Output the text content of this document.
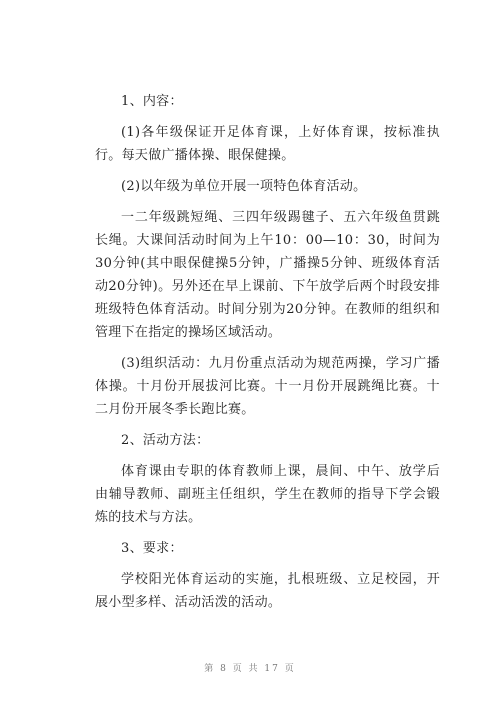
1、内容：

(1)各年级保证开足体育课，上好体育课，按标准执行。每天做广播体操、眼保健操。

(2)以年级为单位开展一项特色体育活动。

一二年级跳短绳、三四年级踢毽子、五六年级鱼贯跳长绳。大课间活动时间为上午10：00—10：30，时间为30分钟(其中眼保健操5分钟，广播操5分钟、班级体育活动20分钟)。另外还在早上课前、下午放学后两个时段安排班级特色体育活动。时间分别为20分钟。在教师的组织和管理下在指定的操场区域活动。

(3)组织活动：九月份重点活动为规范两操，学习广播体操。十月份开展拔河比赛。十一月份开展跳绳比赛。十二月份开展冬季长跑比赛。

2、活动方法：

体育课由专职的体育教师上课，晨间、中午、放学后由辅导教师、副班主任组织，学生在教师的指导下学会锻炼的技术与方法。

3、要求：

学校阳光体育运动的实施，扎根班级、立足校园，开展小型多样、活动活泼的活动。

第 8 页 共 17 页
